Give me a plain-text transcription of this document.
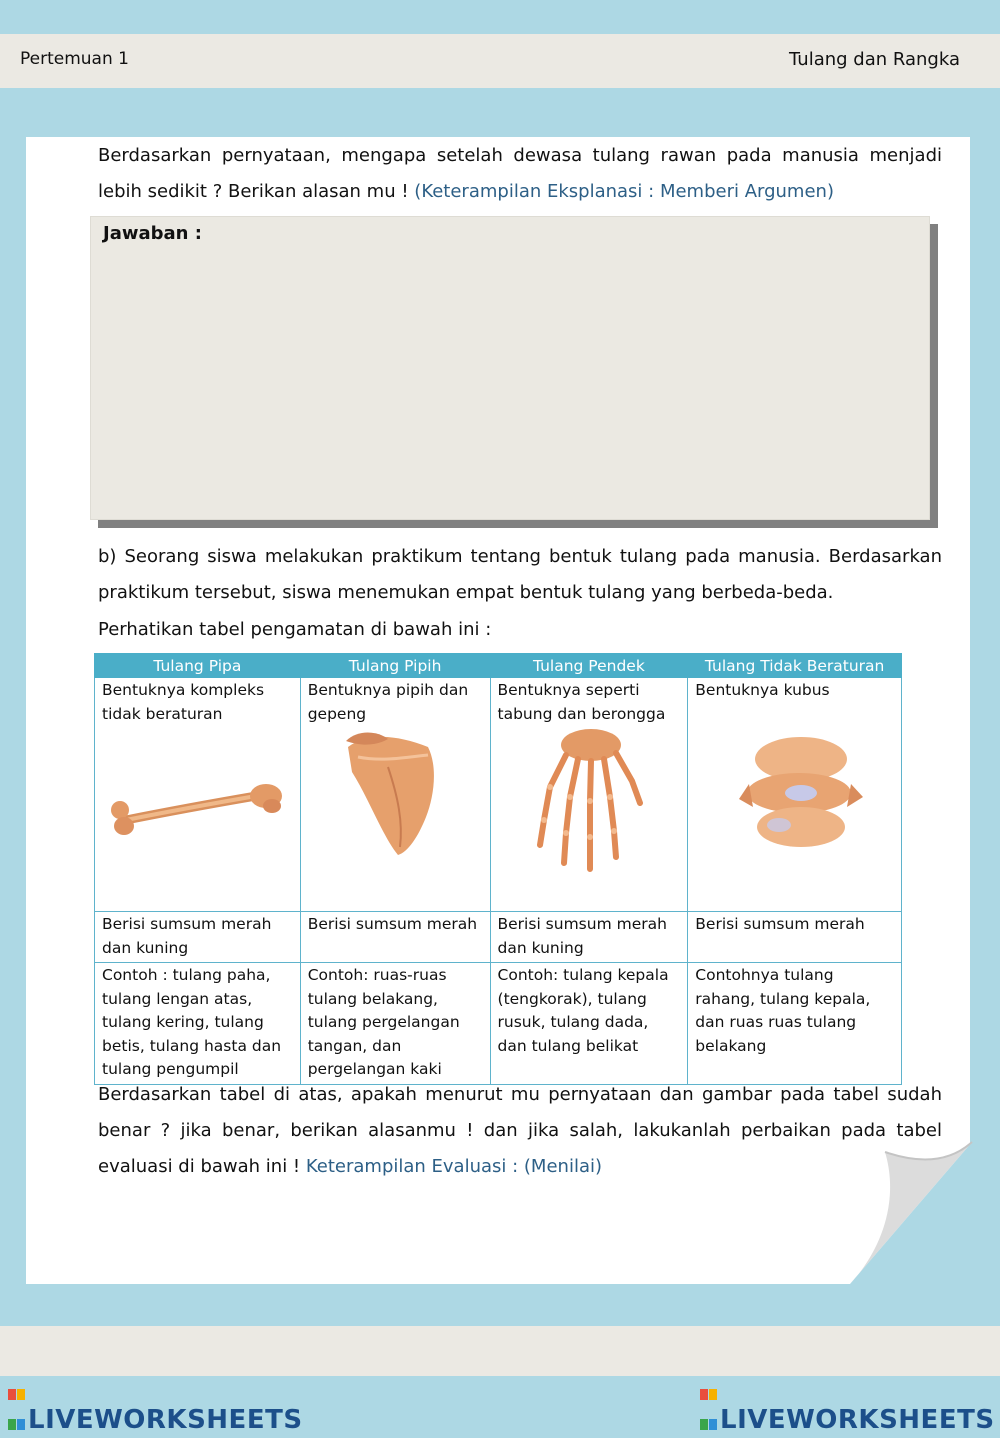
Pertemuan 1	Tulang dan Rangka

Berdasarkan pernyataan, mengapa setelah dewasa tulang rawan pada manusia menjadi lebih sedikit ? Berikan alasan mu ! (Keterampilan Eksplanasi : Memberi Argumen)

Jawaban :

b) Seorang siswa melakukan praktikum tentang bentuk tulang pada manusia. Berdasarkan praktikum tersebut, siswa menemukan empat bentuk tulang yang berbeda-beda.

Perhatikan tabel pengamatan di bawah ini :

Tulang Pipa	Tulang Pipih	Tulang Pendek	Tulang Tidak Beraturan

Bentuknya kompleks tidak beraturan	Bentuknya pipih dan gepeng	Bentuknya seperti tabung dan berongga	Bentuknya kubus

Berisi sumsum merah dan kuning	Berisi sumsum merah	Berisi sumsum merah dan kuning	Berisi sumsum merah
Contoh : tulang paha, tulang lengan atas, tulang kering, tulang betis, tulang hasta dan tulang pengumpil	Contoh: ruas-ruas tulang belakang, tulang pergelangan tangan, dan pergelangan kaki	Contoh: tulang kepala (tengkorak), tulang rusuk, tulang dada, dan tulang belikat	Contohnya tulang rahang, tulang kepala, dan ruas ruas tulang belakang

Berdasarkan tabel di atas, apakah menurut mu pernyataan dan gambar pada tabel sudah benar ? jika benar, berikan alasanmu ! dan jika salah, lakukanlah perbaikan pada tabel evaluasi di bawah ini ! Keterampilan Evaluasi : (Menilai)

LIVEWORKSHEETS	LIVEWORKSHEETS
